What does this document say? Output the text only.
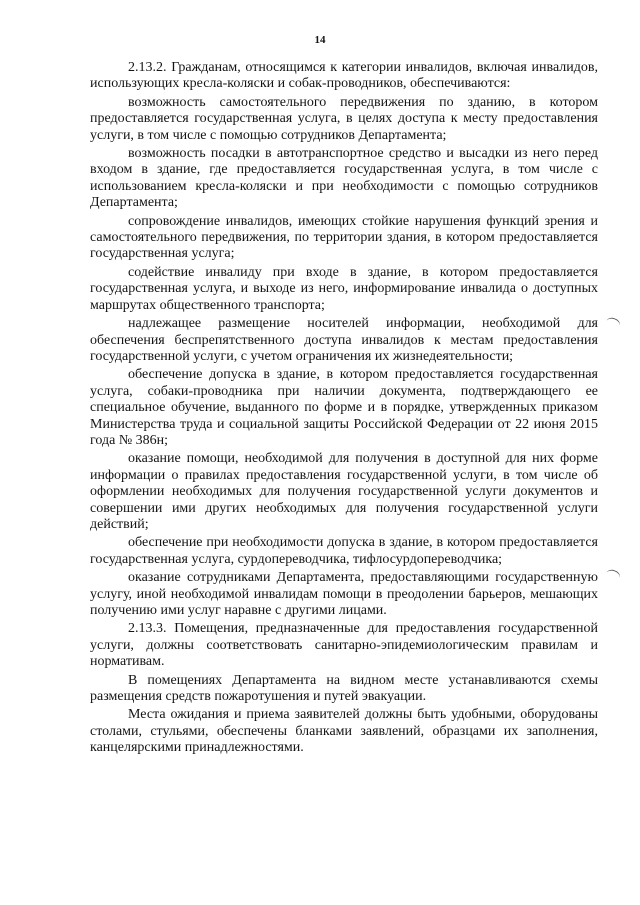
14

2.13.2. Гражданам, относящимся к категории инвалидов, включая инвалидов, использующих кресла-коляски и собак-проводников, обеспечиваются:

возможность самостоятельного передвижения по зданию, в котором предоставляется государственная услуга, в целях доступа к месту предоставления услуги, в том числе с помощью сотрудников Департамента;

возможность посадки в автотранспортное средство и высадки из него перед входом в здание, где предоставляется государственная услуга, в том числе с использованием кресла-коляски и при необходимости с помощью сотрудников Департамента;

сопровождение инвалидов, имеющих стойкие нарушения функций зрения и самостоятельного передвижения, по территории здания, в котором предоставляется государственная услуга;

содействие инвалиду при входе в здание, в котором предоставляется государственная услуга, и выходе из него, информирование инвалида о доступных маршрутах общественного транспорта;

надлежащее размещение носителей информации, необходимой для обеспечения беспрепятственного доступа инвалидов к местам предоставления государственной услуги, с учетом ограничения их жизнедеятельности;

обеспечение допуска в здание, в котором предоставляется государственная услуга, собаки-проводника при наличии документа, подтверждающего ее специальное обучение, выданного по форме и в порядке, утвержденных приказом Министерства труда и социальной защиты Российской Федерации от 22 июня 2015 года № 386н;

оказание помощи, необходимой для получения в доступной для них форме информации о правилах предоставления государственной услуги, в том числе об оформлении необходимых для получения государственной услуги документов и совершении ими других необходимых для получения государственной услуги действий;

обеспечение при необходимости допуска в здание, в котором предоставляется государственная услуга, сурдопереводчика, тифлосурдопереводчика;

оказание сотрудниками Департамента, предоставляющими государственную услугу, иной необходимой инвалидам помощи в преодолении барьеров, мешающих получению ими услуг наравне с другими лицами.

2.13.3. Помещения, предназначенные для предоставления государственной услуги, должны соответствовать санитарно-эпидемиологическим правилам и нормативам.

В помещениях Департамента на видном месте устанавливаются схемы размещения средств пожаротушения и путей эвакуации.

Места ожидания и приема заявителей должны быть удобными, оборудованы столами, стульями, обеспечены бланками заявлений, образцами их заполнения, канцелярскими принадлежностями.
